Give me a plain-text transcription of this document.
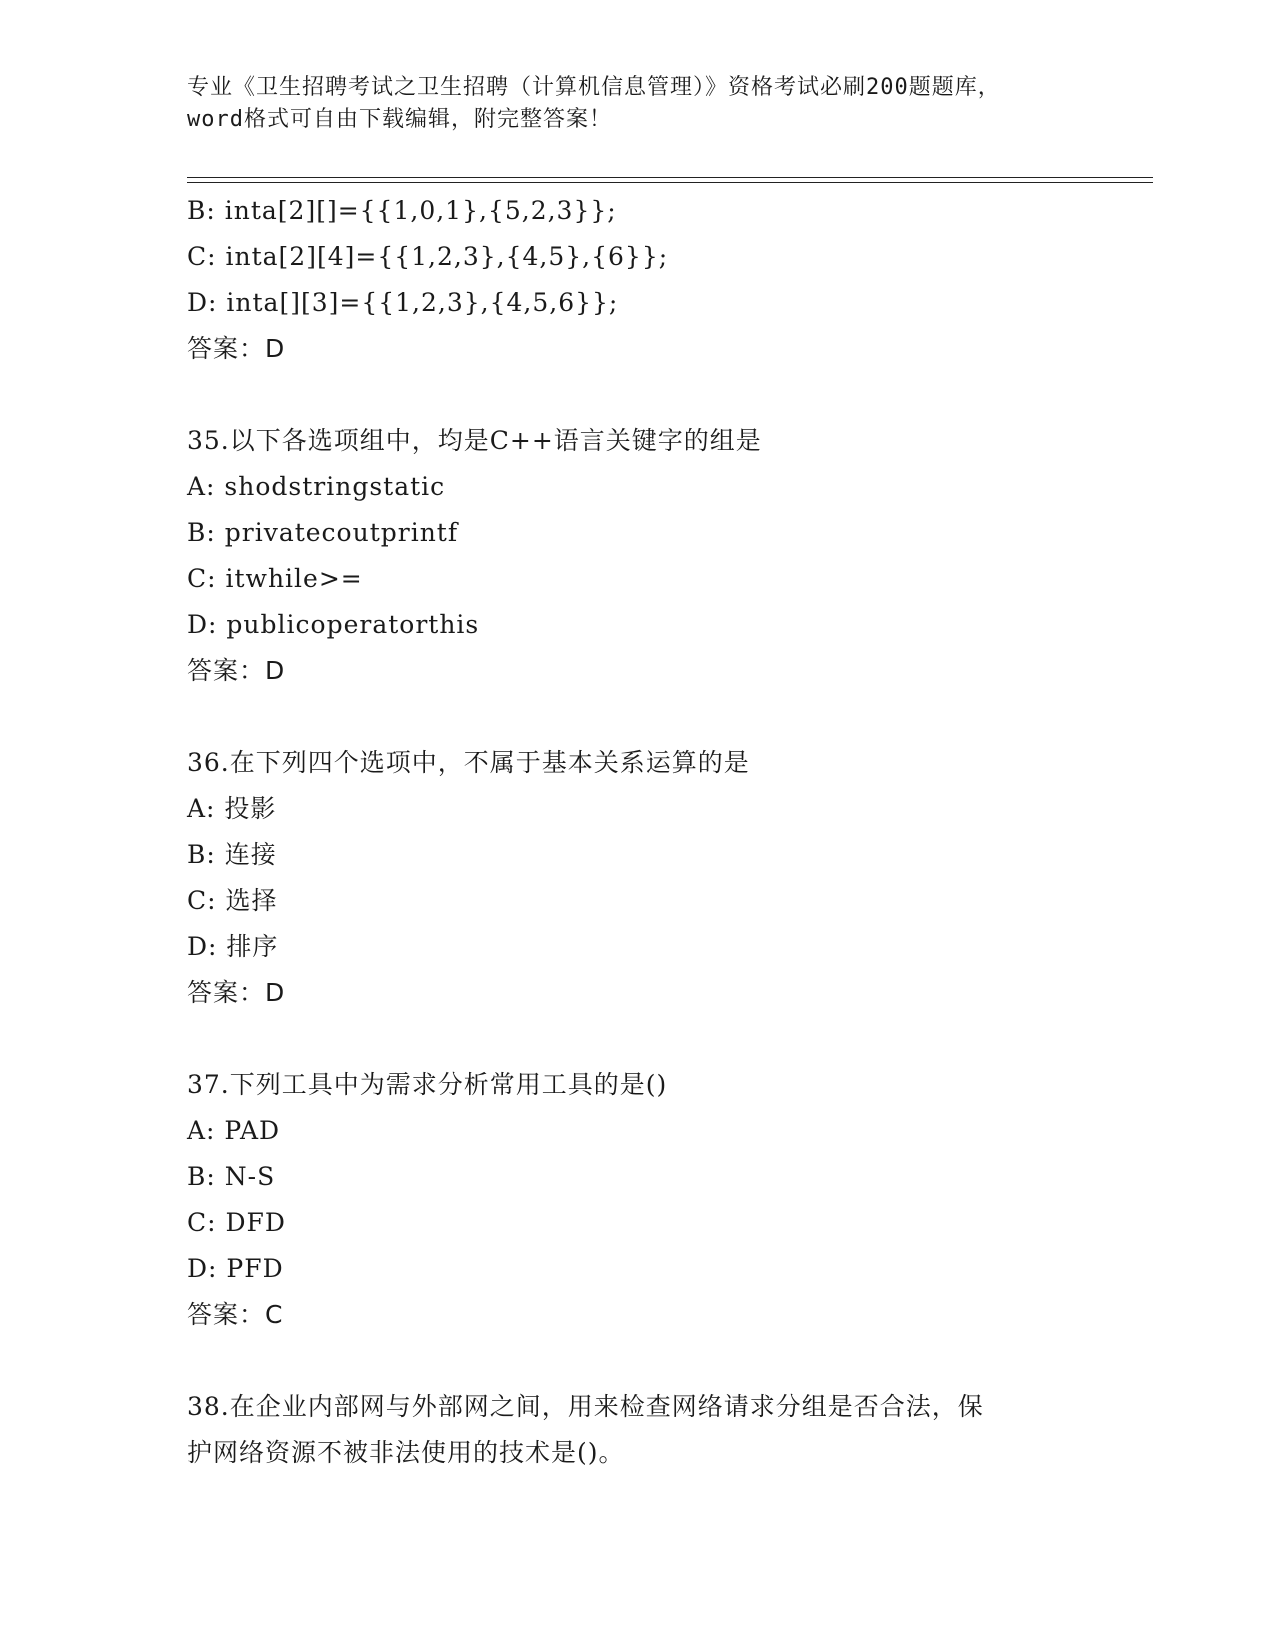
专业《卫生招聘考试之卫生招聘（计算机信息管理）》资格考试必刷200题题库，
word格式可自由下载编辑，附完整答案！
B: inta[2][]={{1,0,1},{5,2,3}};
C: inta[2][4]={{1,2,3},{4,5},{6}};
D: inta[][3]={{1,2,3},{4,5,6}};
答案：D
35.以下各选项组中，均是C++语言关键字的组是
A: shodstringstatic
B: privatecoutprintf
C: itwhile>=
D: publicoperatorthis
答案：D
36.在下列四个选项中，不属于基本关系运算的是
A: 投影
B: 连接
C: 选择
D: 排序
答案：D
37.下列工具中为需求分析常用工具的是()
A: PAD
B: N-S
C: DFD
D: PFD
答案：C
38.在企业内部网与外部网之间，用来检查网络请求分组是否合法，保
护网络资源不被非法使用的技术是()。
